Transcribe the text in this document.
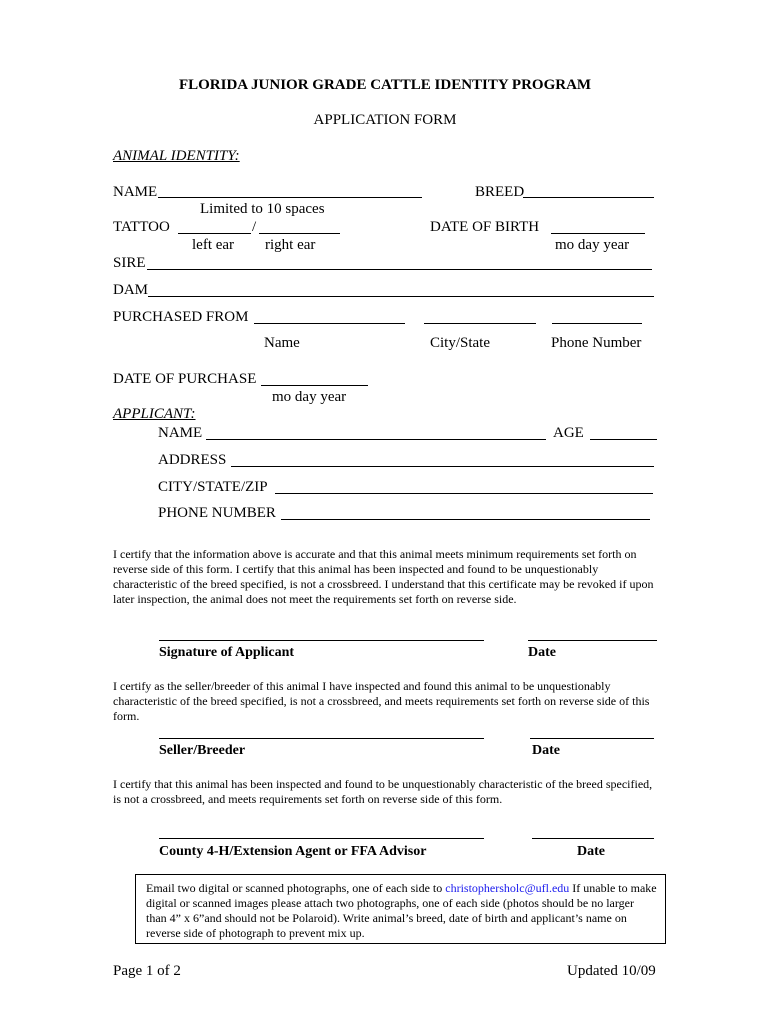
FLORIDA JUNIOR GRADE CATTLE IDENTITY PROGRAM
APPLICATION FORM
ANIMAL IDENTITY:
NAME	BREED
Limited to 10 spaces
TATTOO	/	DATE OF BIRTH
left ear right ear	mo day year
SIRE
DAM
PURCHASED FROM
Name	City/State	Phone Number
DATE OF PURCHASE
mo day year
APPLICANT:
NAME	AGE
ADDRESS
CITY/STATE/ZIP
PHONE NUMBER
I certify that the information above is accurate and that this animal meets minimum requirements set forth on reverse side of this form. I certify that this animal has been inspected and found to be unquestionably characteristic of the breed specified, is not a crossbreed. I understand that this certificate may be revoked if upon later inspection, the animal does not meet the requirements set forth on reverse side.
Signature of Applicant	Date
I certify as the seller/breeder of this animal I have inspected and found this animal to be unquestionably characteristic of the breed specified, is not a crossbreed, and meets requirements set forth on reverse side of this form.
Seller/Breeder	Date
I certify that this animal has been inspected and found to be unquestionably characteristic of the breed specified, is not a crossbreed, and meets requirements set forth on reverse side of this form.
County 4-H/Extension Agent or FFA Advisor	Date
Email two digital or scanned photographs, one of each side to christophersholc@ufl.edu If unable to make digital or scanned images please attach two photographs, one of each side (photos should be no larger than 4” x 6”and should not be Polaroid). Write animal’s breed, date of birth and applicant’s name on reverse side of photograph to prevent mix up.
Page 1 of 2	Updated 10/09
